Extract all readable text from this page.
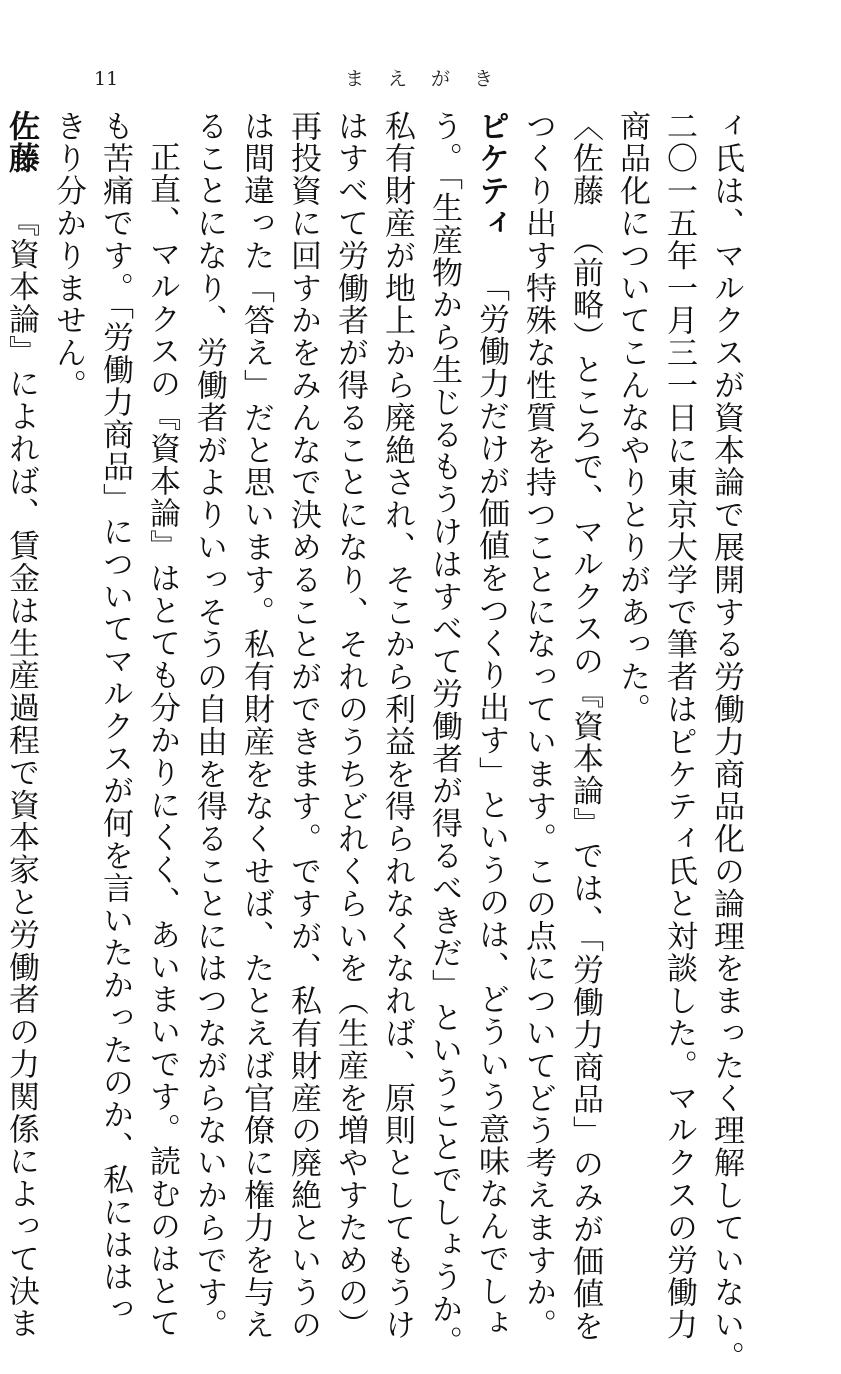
11	まえがき

ィ氏は、マルクスが資本論で展開する労働力商品化の論理をまったく理解していない。

二〇一五年一月三一日に東京大学で筆者はピケティ氏と対談した。マルクスの労働力

商品化についてこんなやりとりがあった。

〈佐藤　（前略）ところで、マルクスの『資本論』では、「労働力商品」のみが価値を

つくり出す特殊な性質を持つことになっています。この点についてどう考えますか。

ピケティ「労働力だけが価値をつくり出す」というのは、どういう意味なんでしょ

う。「生産物から生じるもうけはすべて労働者が得るべきだ」ということでしょうか。

私有財産が地上から廃絶され、そこから利益を得られなくなれば、原則としてもうけ

はすべて労働者が得ることになり、それのうちどれくらいを（生産を増やすための）

再投資に回すかをみんなで決めることができます。ですが、私有財産の廃絶というの

は間違った「答え」だと思います。私有財産をなくせば、たとえば官僚に権力を与え

ることになり、労働者がよりいっそうの自由を得ることにはつながらないからです。

正直、マルクスの『資本論』はとても分かりにくく、あいまいです。読むのはとて

も苦痛です。「労働力商品」についてマルクスが何を言いたかったのか、私にははっ

きり分かりません。

佐藤『資本論』によれば、賃金は生産過程で資本家と労働者の力関係によって決ま
